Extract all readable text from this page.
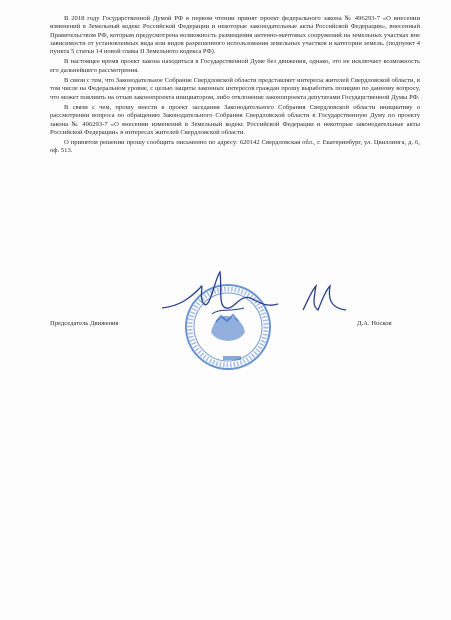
В 2018 году Государственной Думой РФ в первом чтении принят проект федерального закона № 496293-7 «О внесении изменений в Земельный кодекс Российской Федерации и некоторые законодательные акты Российской Федерации», внесенный Правительством РФ, которым предусмотрена возможность размещения антенно-мачтовых сооружений на земельных участках вне зависимости от установленных вида или видов разрешенного использования земельных участков и категории земель. (подпункт 4 пункта 5 статьи 14 новой главы II Земельного кодекса РФ).

В настоящее время проект закона находиться в Государственной Думе без движения, однако, это не исключает возможность его дальнейшего рассмотрения.

В связи с тем, что Законодательное Собрание Свердловской области представляет интересы жителей Свердловской области, в том числе на Федеральном уровне, с целью защиты законных интересов граждан прошу выработать позицию по данному вопросу, что может повлиять на отзыв законопроекта инициатором, либо отклонение законопроекта депутатами Государственной Думы РФ.

В связи с чем, прошу внести в проект заседания Законодательного Собрания Свердловской области инициативу о рассмотрении вопроса по обращению Законодательного Собрания Свердловской области в Государственную Думу по проекту закона № 496293-7 «О внесении изменений в Земельный кодекс Российской Федерации и некоторые законодательные акты Российской Федерации» в интересах жителей Свердловской области.

О принятом решении прошу сообщить письменно по адресу: 620142 Свердловская обл., г. Екатеринбург, ул. Цвиллинга, д. 6, оф. 513.

Председатель Движения	Д.А. Носков
